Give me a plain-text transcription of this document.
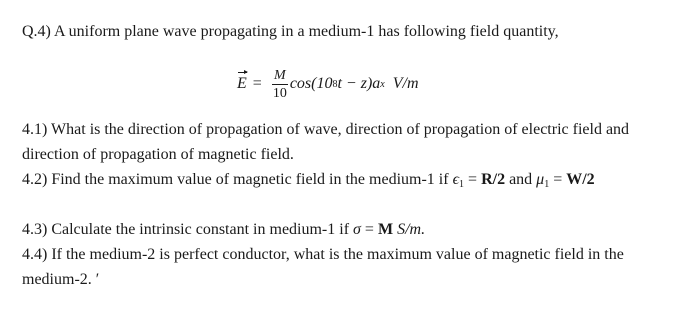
Q.4) A uniform plane wave propagating in a medium-1 has following field quantity,

$E = \frac{M}{10} \cos(10$ 8 t − z)a x V/m

4.1) What is the direction of propagation of wave, direction of propagation of electric field and

direction of propagation of magnetic field.

4.2) Find the maximum value of magnetic field in the medium-1 if $\epsilon_1 = R/2$ and $\mu_1 = W/2$

4.3) Calculate the intrinsic constant in medium-1 if σ = M S/m.

4.4) If the medium-2 is perfect conductor, what is the maximum value of magnetic field in the

medium-2. ′
